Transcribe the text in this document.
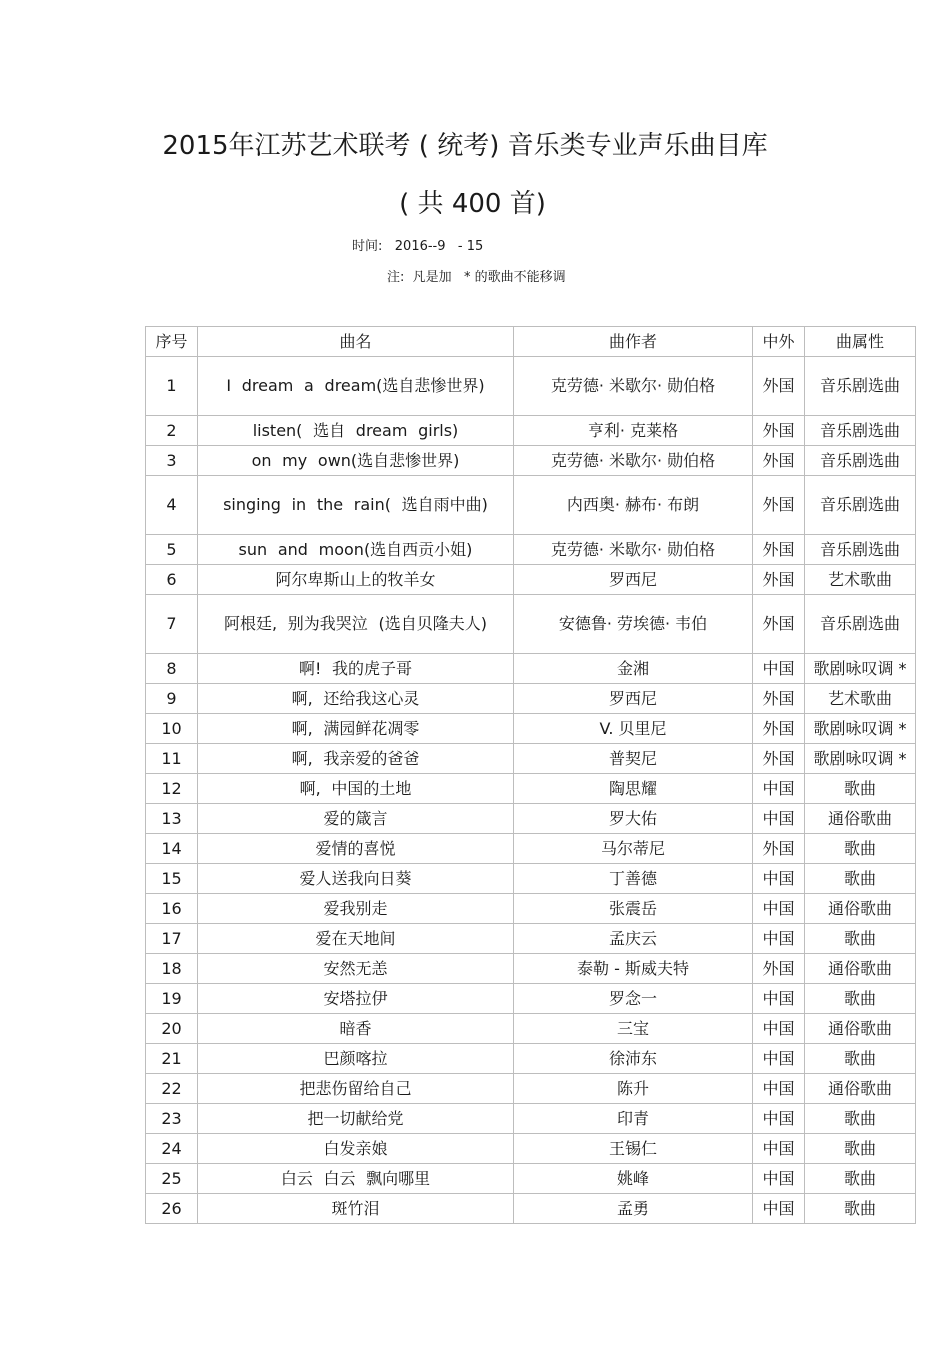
2015年江苏艺术联考 ( 统考) 音乐类专业声乐曲目库
( 共 400 首)
时间:   2016--9   - 15
注:  凡是加   * 的歌曲不能移调
序号	曲名	曲作者	中外	曲属性
1	I dream a dream(选自悲惨世界)	克劳德· 米歇尔· 勋伯格	外国	音乐剧选曲
2	listen( 选自 dream girls)	亨利· 克莱格	外国	音乐剧选曲
3	on my own(选自悲惨世界)	克劳德· 米歇尔· 勋伯格	外国	音乐剧选曲
4	singing in the rain( 选自雨中曲)	内西奥· 赫布· 布朗	外国	音乐剧选曲
5	sun and moon(选自西贡小姐)	克劳德· 米歇尔· 勋伯格	外国	音乐剧选曲
6	阿尔卑斯山上的牧羊女	罗西尼	外国	艺术歌曲
7	阿根廷, 别为我哭泣 (选自贝隆夫人)	安德鲁· 劳埃德· 韦伯	外国	音乐剧选曲
8	啊! 我的虎子哥	金湘	中国	歌剧咏叹调 *
9	啊, 还给我这心灵	罗西尼	外国	艺术歌曲
10	啊, 满园鲜花凋零	V. 贝里尼	外国	歌剧咏叹调 *
11	啊, 我亲爱的爸爸	普契尼	外国	歌剧咏叹调 *
12	啊, 中国的土地	陶思耀	中国	歌曲
13	爱的箴言	罗大佑	中国	通俗歌曲
14	爱情的喜悦	马尔蒂尼	外国	歌曲
15	爱人送我向日葵	丁善德	中国	歌曲
16	爱我别走	张震岳	中国	通俗歌曲
17	爱在天地间	孟庆云	中国	歌曲
18	安然无恙	泰勒 - 斯威夫特	外国	通俗歌曲
19	安塔拉伊	罗念一	中国	歌曲
20	暗香	三宝	中国	通俗歌曲
21	巴颜喀拉	徐沛东	中国	歌曲
22	把悲伤留给自己	陈升	中国	通俗歌曲
23	把一切献给党	印青	中国	歌曲
24	白发亲娘	王锡仁	中国	歌曲
25	白云 白云 飘向哪里	姚峰	中国	歌曲
26	斑竹泪	孟勇	中国	歌曲
